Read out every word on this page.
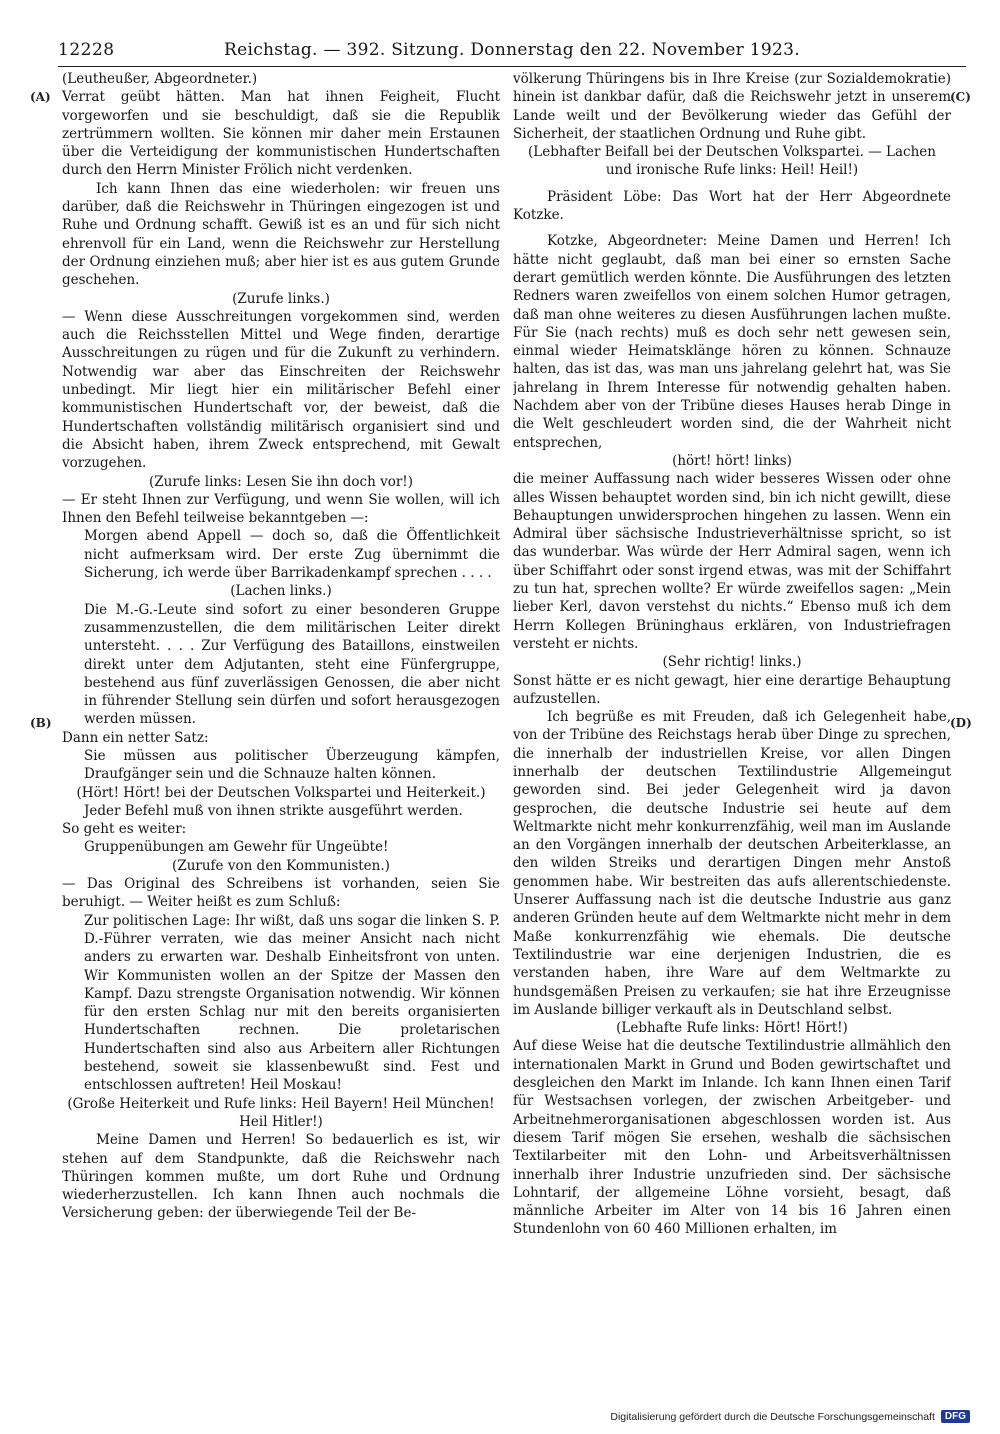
12228	Reichstag. — 392. Sitzung. Donnerstag den 22. November 1923.
(A)
(B)
(C)
(D)

(Leutheußer, Abgeordneter.)

Verrat geübt hätten. Man hat ihnen Feigheit, Flucht vorgeworfen und sie beschuldigt, daß sie die Republik zertrümmern wollten. Sie können mir daher mein Erstaunen über die Verteidigung der kommunistischen Hundertschaften durch den Herrn Minister Frölich nicht verdenken.

Ich kann Ihnen das eine wiederholen: wir freuen uns darüber, daß die Reichswehr in Thüringen eingezogen ist und Ruhe und Ordnung schafft. Gewiß ist es an und für sich nicht ehrenvoll für ein Land, wenn die Reichswehr zur Herstellung der Ordnung einziehen muß; aber hier ist es aus gutem Grunde geschehen.

(Zurufe links.)

— Wenn diese Ausschreitungen vorgekommen sind, werden auch die Reichsstellen Mittel und Wege finden, derartige Ausschreitungen zu rügen und für die Zukunft zu verhindern. Notwendig war aber das Einschreiten der Reichswehr unbedingt. Mir liegt hier ein militärischer Befehl einer kommunistischen Hundertschaft vor, der beweist, daß die Hundertschaften vollständig militärisch organisiert sind und die Absicht haben, ihrem Zweck entsprechend, mit Gewalt vorzugehen.

(Zurufe links: Lesen Sie ihn doch vor!)

— Er steht Ihnen zur Verfügung, und wenn Sie wollen, will ich Ihnen den Befehl teilweise bekanntgeben —:

Morgen abend Appell — doch so, daß die Öffentlichkeit nicht aufmerksam wird. Der erste Zug übernimmt die Sicherung, ich werde über Barrikadenkampf sprechen . . . .

(Lachen links.)

Die M.-G.-Leute sind sofort zu einer besonderen Gruppe zusammenzustellen, die dem militärischen Leiter direkt untersteht. . . . Zur Verfügung des Bataillons, einstweilen direkt unter dem Adjutanten, steht eine Fünfergruppe, bestehend aus fünf zuverlässigen Genossen, die aber nicht in führender Stellung sein dürfen und sofort herausgezogen werden müssen.

Dann ein netter Satz:

Sie müssen aus politischer Überzeugung kämpfen, Draufgänger sein und die Schnauze halten können.

(Hört! Hört! bei der Deutschen Volkspartei und Heiterkeit.)

Jeder Befehl muß von ihnen strikte ausgeführt werden.

So geht es weiter:

Gruppenübungen am Gewehr für Ungeübte!

(Zurufe von den Kommunisten.)

— Das Original des Schreibens ist vorhanden, seien Sie beruhigt. — Weiter heißt es zum Schluß:

Zur politischen Lage: Ihr wißt, daß uns sogar die linken S. P. D.-Führer verraten, wie das meiner Ansicht nach nicht anders zu erwarten war. Deshalb Einheitsfront von unten. Wir Kommunisten wollen an der Spitze der Massen den Kampf. Dazu strengste Organisation notwendig. Wir können für den ersten Schlag nur mit den bereits organisierten Hundertschaften rechnen. Die proletarischen Hundertschaften sind also aus Arbeitern aller Richtungen bestehend, soweit sie klassenbewußt sind. Fest und entschlossen auftreten! Heil Moskau!

(Große Heiterkeit und Rufe links: Heil Bayern! Heil München! Heil Hitler!)

Meine Damen und Herren! So bedauerlich es ist, wir stehen auf dem Standpunkte, daß die Reichswehr nach Thüringen kommen mußte, um dort Ruhe und Ordnung wiederherzustellen. Ich kann Ihnen auch nochmals die Versicherung geben: der überwiegende Teil der Be-

völkerung Thüringens bis in Ihre Kreise (zur Sozialdemokratie) hinein ist dankbar dafür, daß die Reichswehr jetzt in unserem Lande weilt und der Bevölkerung wieder das Gefühl der Sicherheit, der staatlichen Ordnung und Ruhe gibt.

(Lebhafter Beifall bei der Deutschen Volkspartei. — Lachen und ironische Rufe links: Heil! Heil!)

Präsident Löbe: Das Wort hat der Herr Abgeordnete Kotzke.

Kotzke, Abgeordneter: Meine Damen und Herren! Ich hätte nicht geglaubt, daß man bei einer so ernsten Sache derart gemütlich werden könnte. Die Ausführungen des letzten Redners waren zweifellos von einem solchen Humor getragen, daß man ohne weiteres zu diesen Ausführungen lachen mußte. Für Sie (nach rechts) muß es doch sehr nett gewesen sein, einmal wieder Heimatsklänge hören zu können. Schnauze halten, das ist das, was man uns jahrelang gelehrt hat, was Sie jahrelang in Ihrem Interesse für notwendig gehalten haben. Nachdem aber von der Tribüne dieses Hauses herab Dinge in die Welt geschleudert worden sind, die der Wahrheit nicht entsprechen,

(hört! hört! links)

die meiner Auffassung nach wider besseres Wissen oder ohne alles Wissen behauptet worden sind, bin ich nicht gewillt, diese Behauptungen unwidersprochen hingehen zu lassen. Wenn ein Admiral über sächsische Industrieverhältnisse spricht, so ist das wunderbar. Was würde der Herr Admiral sagen, wenn ich über Schiffahrt oder sonst irgend etwas, was mit der Schiffahrt zu tun hat, sprechen wollte? Er würde zweifellos sagen: „Mein lieber Kerl, davon verstehst du nichts.“ Ebenso muß ich dem Herrn Kollegen Brüninghaus erklären, von Industriefragen versteht er nichts.

(Sehr richtig! links.)

Sonst hätte er es nicht gewagt, hier eine derartige Behauptung aufzustellen.

Ich begrüße es mit Freuden, daß ich Gelegenheit habe, von der Tribüne des Reichstags herab über Dinge zu sprechen, die innerhalb der industriellen Kreise, vor allen Dingen innerhalb der deutschen Textilindustrie Allgemeingut geworden sind. Bei jeder Gelegenheit wird ja davon gesprochen, die deutsche Industrie sei heute auf dem Weltmarkte nicht mehr konkurrenzfähig, weil man im Auslande an den Vorgängen innerhalb der deutschen Arbeiterklasse, an den wilden Streiks und derartigen Dingen mehr Anstoß genommen habe. Wir bestreiten das aufs allerentschiedenste. Unserer Auffassung nach ist die deutsche Industrie aus ganz anderen Gründen heute auf dem Weltmarkte nicht mehr in dem Maße konkurrenzfähig wie ehemals. Die deutsche Textilindustrie war eine derjenigen Industrien, die es verstanden haben, ihre Ware auf dem Weltmarkte zu hundsgemäßen Preisen zu verkaufen; sie hat ihre Erzeugnisse im Auslande billiger verkauft als in Deutschland selbst.

(Lebhafte Rufe links: Hört! Hört!)

Auf diese Weise hat die deutsche Textilindustrie allmählich den internationalen Markt in Grund und Boden gewirtschaftet und desgleichen den Markt im Inlande. Ich kann Ihnen einen Tarif für Westsachsen vorlegen, der zwischen Arbeitgeber- und Arbeitnehmerorganisationen abgeschlossen worden ist. Aus diesem Tarif mögen Sie ersehen, weshalb die sächsischen Textilarbeiter mit den Lohn- und Arbeitsverhältnissen innerhalb ihrer Industrie unzufrieden sind. Der sächsische Lohntarif, der allgemeine Löhne vorsieht, besagt, daß männliche Arbeiter im Alter von 14 bis 16 Jahren einen Stundenlohn von 60 460 Millionen erhalten, im

Digitalisierung gefördert durch die Deutsche Forschungsgemeinschaft	DFG
